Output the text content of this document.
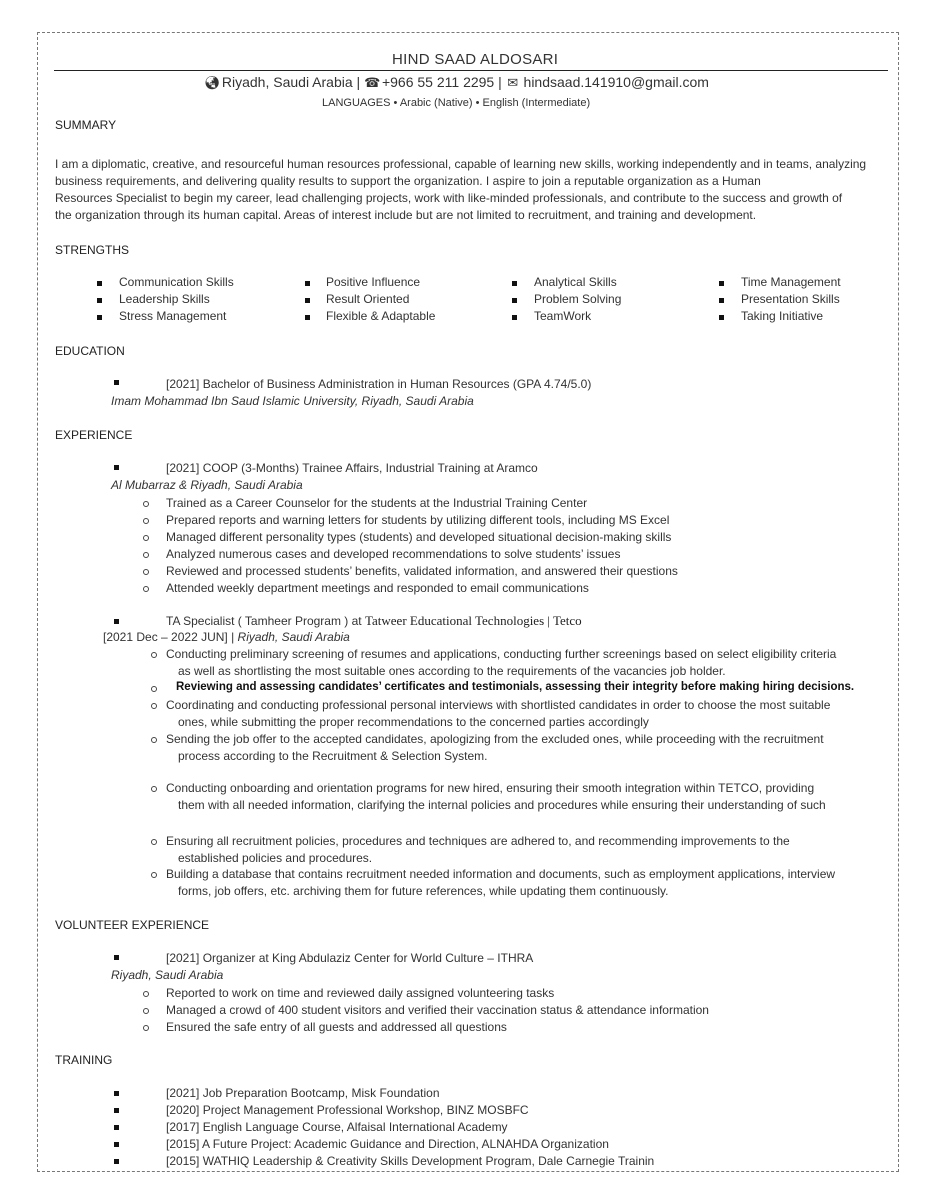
HIND SAAD ALDOSARI
🌏︎ Riyadh, Saudi Arabia | ☎ +966 55 211 2295 | ✉ hindsaad.141910@gmail.com
LANGUAGES • Arabic (Native) • English (Intermediate)
SUMMARY
I am a diplomatic, creative, and resourceful human resources professional, capable of learning new skills, working independently and in teams, analyzing
business requirements, and delivering quality results to support the organization. I aspire to join a reputable organization as a Human
Resources Specialist to begin my career, lead challenging projects, work with like-minded professionals, and contribute to the success and growth of
the organization through its human capital. Areas of interest include but are not limited to recruitment, and training and development.
STRENGTHS
Communication Skills
Leadership Skills
Stress Management
Positive Influence
Result Oriented
Flexible & Adaptable
Analytical Skills
Problem Solving
TeamWork
Time Management
Presentation Skills
Taking Initiative
EDUCATION
[2021] Bachelor of Business Administration in Human Resources (GPA 4.74/5.0)
Imam Mohammad Ibn Saud Islamic University, Riyadh, Saudi Arabia
EXPERIENCE
[2021] COOP (3-Months) Trainee Affairs, Industrial Training at Aramco
Al Mubarraz & Riyadh, Saudi Arabia
Trained as a Career Counselor for the students at the Industrial Training Center
Prepared reports and warning letters for students by utilizing different tools, including MS Excel
Managed different personality types (students) and developed situational decision-making skills
Analyzed numerous cases and developed recommendations to solve students’ issues
Reviewed and processed students’ benefits, validated information, and answered their questions
Attended weekly department meetings and responded to email communications
TA Specialist ( Tamheer Program ) at Tatweer Educational Technologies | Tetco
[2021 Dec – 2022 JUN] | Riyadh, Saudi Arabia
Conducting preliminary screening of resumes and applications, conducting further screenings based on select eligibility criteria
as well as shortlisting the most suitable ones according to the requirements of the vacancies job holder.
Reviewing and assessing candidates’ certificates and testimonials, assessing their integrity before making hiring decisions.
Coordinating and conducting professional personal interviews with shortlisted candidates in order to choose the most suitable
ones, while submitting the proper recommendations to the concerned parties accordingly
Sending the job offer to the accepted candidates, apologizing from the excluded ones, while proceeding with the recruitment
process according to the Recruitment & Selection System.
Conducting onboarding and orientation programs for new hired, ensuring their smooth integration within TETCO, providing
them with all needed information, clarifying the internal policies and procedures while ensuring their understanding of such
Ensuring all recruitment policies, procedures and techniques are adhered to, and recommending improvements to the
established policies and procedures.
Building a database that contains recruitment needed information and documents, such as employment applications, interview
forms, job offers, etc. archiving them for future references, while updating them continuously.
VOLUNTEER EXPERIENCE
[2021] Organizer at King Abdulaziz Center for World Culture – ITHRA
Riyadh, Saudi Arabia
Reported to work on time and reviewed daily assigned volunteering tasks
Managed a crowd of 400 student visitors and verified their vaccination status & attendance information
Ensured the safe entry of all guests and addressed all questions
TRAINING
[2021] Job Preparation Bootcamp, Misk Foundation
[2020] Project Management Professional Workshop, BINZ MOSBFC
[2017] English Language Course, Alfaisal International Academy
[2015] A Future Project: Academic Guidance and Direction, ALNAHDA Organization
[2015] WATHIQ Leadership & Creativity Skills Development Program, Dale Carnegie Trainin
